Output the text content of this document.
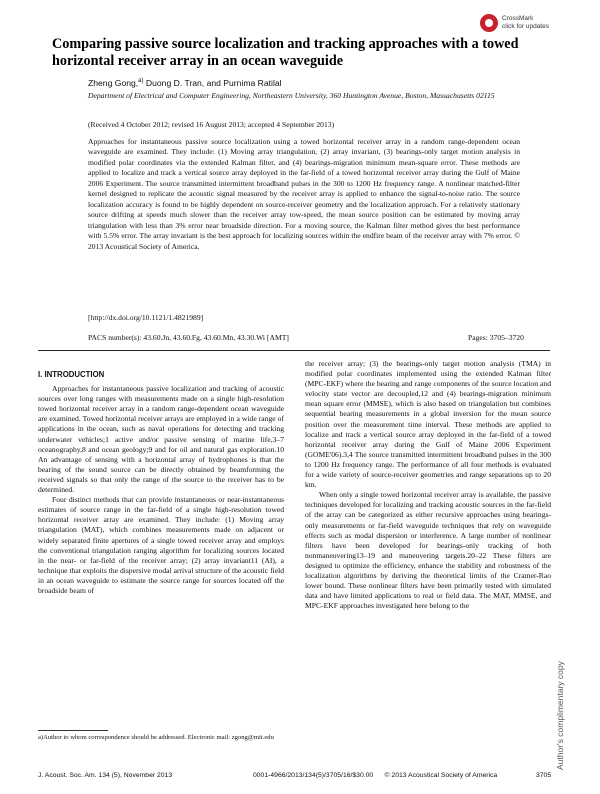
CrossMark
click for updates
Comparing passive source localization and tracking approaches with a towed horizontal receiver array in an ocean waveguide
Zheng Gong,$^{a)}$ Duong D. Tran, and Purnima Ratilal
Department of Electrical and Computer Engineering, Northeastern University, 360 Huntington Avenue, Boston, Massachusetts 02115
(Received 4 October 2012; revised 16 August 2013; accepted 4 September 2013)

Approaches for instantaneous passive source localization using a towed horizontal receiver array in a random range-dependent ocean waveguide are examined. They include: (1) Moving array triangulation, (2) array invariant, (3) bearings-only target motion analysis in modified polar coordinates via the extended Kalman filter, and (4) bearings-migration minimum mean-square error. These methods are applied to localize and track a vertical source array deployed in the far-field of a towed horizontal receiver array during the Gulf of Maine 2006 Experiment. The source transmitted intermittent broadband pulses in the 300 to 1200 Hz frequency range. A nonlinear matched-filter kernel designed to replicate the acoustic signal measured by the receiver array is applied to enhance the signal-to-noise ratio. The source localization accuracy is found to be highly dependent on source-receiver geometry and the localization approach. For a relatively stationary source drifting at speeds much slower than the receiver array tow-speed, the mean source position can be estimated by moving array triangulation with less than 3% error near broadside direction. For a moving source, the Kalman filter method gives the best performance with 5.5% error. The array invariant is the best approach for localizing sources within the endfire beam of the receiver array with 7% error. © 2013 Acoustical Society of America.

[http://dx.doi.org/10.1121/1.4821989]
PACS number(s): 43.60.Jn, 43.60.Fg, 43.60.Mn, 43.30.Wi [AMT]	Pages: 3705–3720
I. INTRODUCTION

Approaches for instantaneous passive localization and tracking of acoustic sources over long ranges with measurements made on a single high-resolution towed horizontal receiver array in a random range-dependent ocean waveguide are examined. Towed horizontal receiver arrays are employed in a wide range of applications in the ocean, such as naval operations for detecting and tracking underwater vehicles;1 active and/or passive sensing of marine life,3–7 oceanography,8 and ocean geology;9 and for oil and natural gas exploration.10 An advantage of sensing with a horizontal array of hydrophones is that the bearing of the sound source can be directly obtained by beamforming the received signals so that only the range of the source to the receiver has to be determined.

Four distinct methods that can provide instantaneous or near-instantaneous estimates of source range in the far-field of a single high-resolution towed horizontal receiver array are examined. They include: (1) Moving array triangulation (MAT), which combines measurements made on adjacent or widely separated finite apertures of a single towed receiver array and employs the conventional triangulation ranging algorithm for localizing sources located in the near- or far-field of the receiver array; (2) array invariant11 (AI), a technique that exploits the dispersive modal arrival structure of the acoustic field in an ocean waveguide to estimate the source range for sources located off the broadside beam of

the receiver array; (3) the bearings-only target motion analysis (TMA) in modified polar coordinates implemented using the extended Kalman filter (MPC-EKF) where the bearing and range components of the source location and velocity state vector are decoupled,12 and (4) bearings-migration minimum mean square error (MMSE), which is also based on triangulation but combines sequential bearing measurements in a global inversion for the mean source position over the measurement time interval. These methods are applied to localize and track a vertical source array deployed in the far-field of a towed horizontal receiver array during the Gulf of Maine 2006 Experiment (GOME'06).3,4 The source transmitted intermittent broadband pulses in the 300 to 1200 Hz frequency range. The performance of all four methods is evaluated for a wide variety of source-receiver geometries and range separations up to 20 km.

When only a single towed horizontal receiver array is available, the passive techniques developed for localizing and tracking acoustic sources in the far-field of the array can be categorized as either recursive approaches using bearings-only measurements or far-field waveguide techniques that rely on waveguide effects such as modal dispersion or interference. A large number of nonlinear filters have been developed for bearings-only tracking of both nonmaneuvering13–19 and maneuvering targets.20–22 These filters are designed to optimize the efficiency, enhance the stability and robustness of the localization algorithms by deriving the theoretical limits of the Cramer-Rao lower bound. These nonlinear filters have been primarily tested with simulated data and have limited applications to real or field data. The MAT, MMSE, and MPC-EKF approaches investigated here belong to the

a)Author to whom correspondence should be addressed. Electronic mail: zgong@mit.edu
J. Acoust. Soc. Am. 134 (5), November 2013	0001-4966/2013/134(5)/3705/16/$30.00 © 2013 Acoustical Society of America	3705
Author's complimentary copy
